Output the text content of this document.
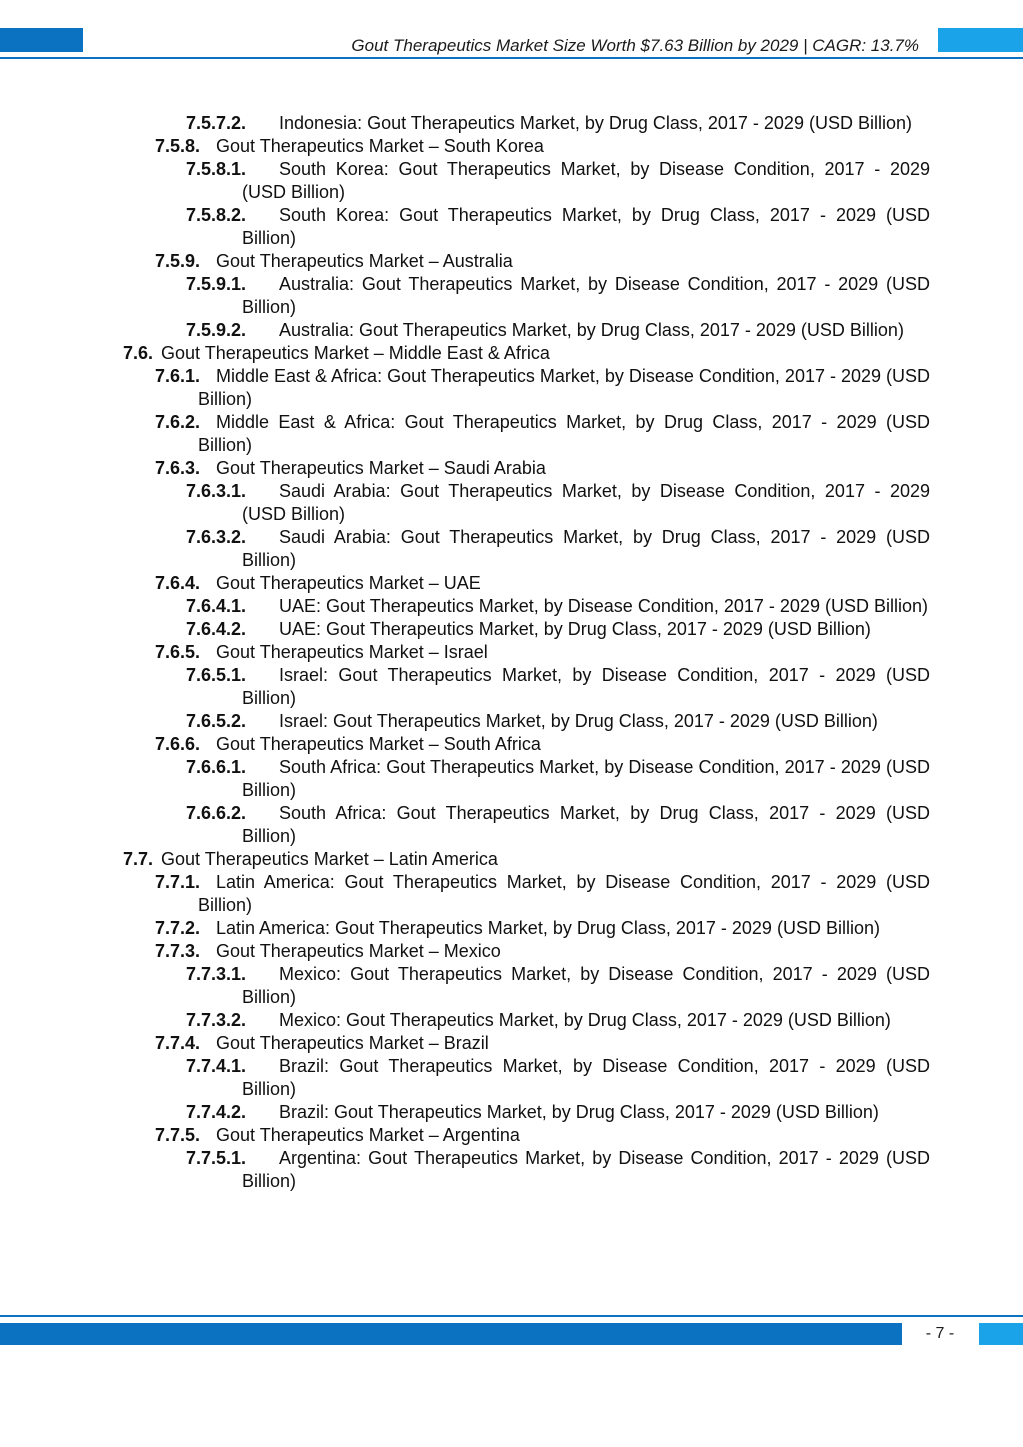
Gout Therapeutics Market Size Worth $7.63 Billion by 2029 | CAGR: 13.7%
7.5.7.2.	Indonesia: Gout Therapeutics Market, by Drug Class, 2017 - 2029 (USD Billion)
7.5.8. Gout Therapeutics Market – South Korea
7.5.8.1.	South Korea: Gout Therapeutics Market, by Disease Condition, 2017 - 2029 (USD Billion)
7.5.8.2.	South Korea: Gout Therapeutics Market, by Drug Class, 2017 - 2029 (USD Billion)
7.5.9. Gout Therapeutics Market – Australia
7.5.9.1.	Australia: Gout Therapeutics Market, by Disease Condition, 2017 - 2029 (USD Billion)
7.5.9.2.	Australia: Gout Therapeutics Market, by Drug Class, 2017 - 2029 (USD Billion)
7.6. Gout Therapeutics Market – Middle East & Africa
7.6.1. Middle East & Africa: Gout Therapeutics Market, by Disease Condition, 2017 - 2029 (USD Billion)
7.6.2. Middle East & Africa: Gout Therapeutics Market, by Drug Class, 2017 - 2029 (USD Billion)
7.6.3. Gout Therapeutics Market – Saudi Arabia
7.6.3.1.	Saudi Arabia: Gout Therapeutics Market, by Disease Condition, 2017 - 2029 (USD Billion)
7.6.3.2.	Saudi Arabia: Gout Therapeutics Market, by Drug Class, 2017 - 2029 (USD Billion)
7.6.4. Gout Therapeutics Market – UAE
7.6.4.1.	UAE: Gout Therapeutics Market, by Disease Condition, 2017 - 2029 (USD Billion)
7.6.4.2.	UAE: Gout Therapeutics Market, by Drug Class, 2017 - 2029 (USD Billion)
7.6.5. Gout Therapeutics Market – Israel
7.6.5.1.	Israel: Gout Therapeutics Market, by Disease Condition, 2017 - 2029 (USD Billion)
7.6.5.2.	Israel: Gout Therapeutics Market, by Drug Class, 2017 - 2029 (USD Billion)
7.6.6. Gout Therapeutics Market – South Africa
7.6.6.1.	South Africa: Gout Therapeutics Market, by Disease Condition, 2017 - 2029 (USD Billion)
7.6.6.2.	South Africa: Gout Therapeutics Market, by Drug Class, 2017 - 2029 (USD Billion)
7.7. Gout Therapeutics Market – Latin America
7.7.1. Latin America: Gout Therapeutics Market, by Disease Condition, 2017 - 2029 (USD Billion)
7.7.2. Latin America: Gout Therapeutics Market, by Drug Class, 2017 - 2029 (USD Billion)
7.7.3. Gout Therapeutics Market – Mexico
7.7.3.1.	Mexico: Gout Therapeutics Market, by Disease Condition, 2017 - 2029 (USD Billion)
7.7.3.2.	Mexico: Gout Therapeutics Market, by Drug Class, 2017 - 2029 (USD Billion)
7.7.4. Gout Therapeutics Market – Brazil
7.7.4.1.	Brazil: Gout Therapeutics Market, by Disease Condition, 2017 - 2029 (USD Billion)
7.7.4.2.	Brazil: Gout Therapeutics Market, by Drug Class, 2017 - 2029 (USD Billion)
7.7.5. Gout Therapeutics Market – Argentina
7.7.5.1.	Argentina: Gout Therapeutics Market, by Disease Condition, 2017 - 2029 (USD Billion)
- 7 -
